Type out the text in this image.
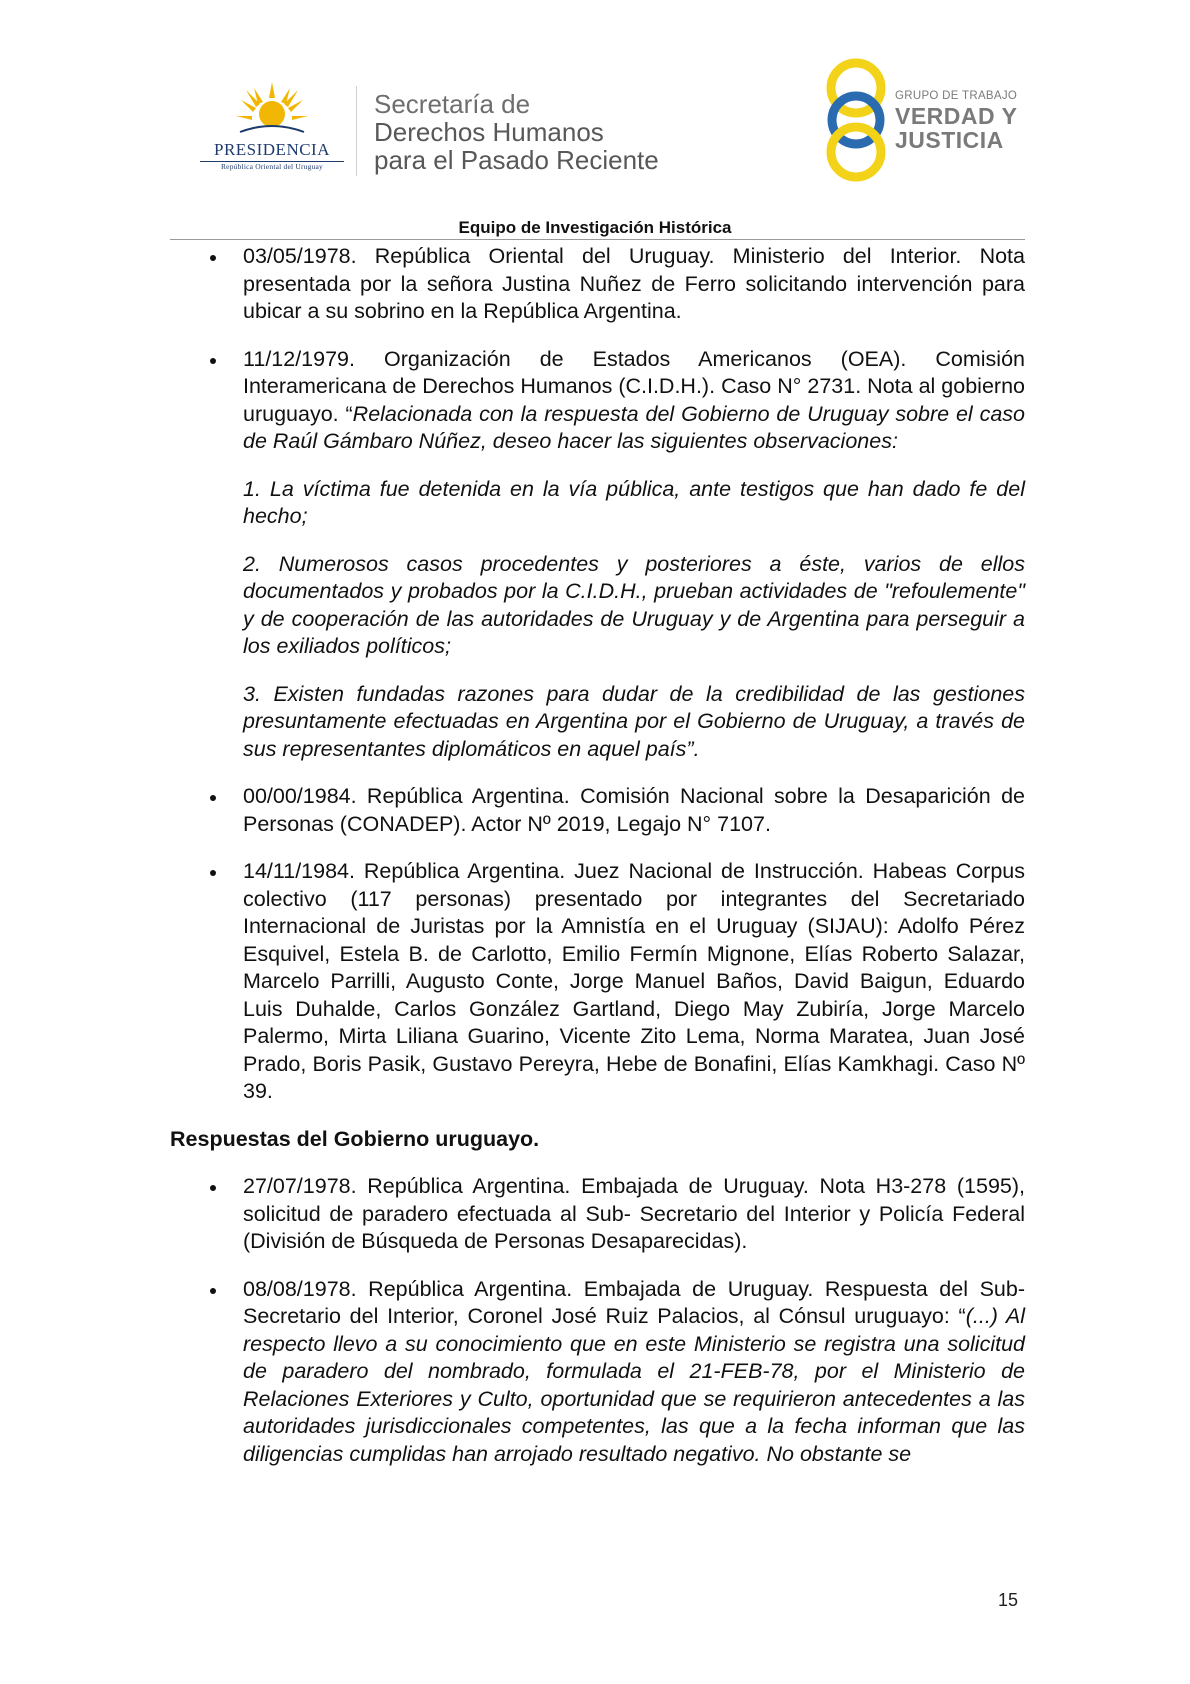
PRESIDENCIA
República Oriental del Uruguay
Secretaría de
Derechos Humanos
para el Pasado Reciente
GRUPO DE TRABAJO
VERDAD Y
JUSTICIA
Equipo de Investigación Histórica

03/05/1978. República Oriental del Uruguay. Ministerio del Interior. Nota presentada por la señora Justina Nuñez de Ferro solicitando intervención para ubicar a su sobrino en la República Argentina.

11/12/1979. Organización de Estados Americanos (OEA). Comisión Interamericana de Derechos Humanos (C.I.D.H.). Caso N° 2731. Nota al gobierno uruguayo. “Relacionada con la respuesta del Gobierno de Uruguay sobre el caso de Raúl Gámbaro Núñez, deseo hacer las siguientes observaciones:

1. La víctima fue detenida en la vía pública, ante testigos que han dado fe del hecho;

2. Numerosos casos procedentes y posteriores a éste, varios de ellos documentados y probados por la C.I.D.H., prueban actividades de "refoulemente" y de cooperación de las autoridades de Uruguay y de Argentina para perseguir a los exiliados políticos;

3. Existen fundadas razones para dudar de la credibilidad de las gestiones presuntamente efectuadas en Argentina por el Gobierno de Uruguay, a través de sus representantes diplomáticos en aquel país”.

00/00/1984. República Argentina. Comisión Nacional sobre la Desaparición de Personas (CONADEP). Actor Nº 2019, Legajo N° 7107.

14/11/1984. República Argentina. Juez Nacional de Instrucción. Habeas Corpus colectivo (117 personas) presentado por integrantes del Secretariado Internacional de Juristas por la Amnistía en el Uruguay (SIJAU): Adolfo Pérez Esquivel, Estela B. de Carlotto, Emilio Fermín Mignone, Elías Roberto Salazar, Marcelo Parrilli, Augusto Conte, Jorge Manuel Baños, David Baigun, Eduardo Luis Duhalde, Carlos González Gartland, Diego May Zubiría, Jorge Marcelo Palermo, Mirta Liliana Guarino, Vicente Zito Lema, Norma Maratea, Juan José Prado, Boris Pasik, Gustavo Pereyra, Hebe de Bonafini, Elías Kamkhagi. Caso Nº 39.

Respuestas del Gobierno uruguayo.

27/07/1978. República Argentina. Embajada de Uruguay. Nota H3-278 (1595), solicitud de paradero efectuada al Sub- Secretario del Interior y Policía Federal (División de Búsqueda de Personas Desaparecidas).

08/08/1978. República Argentina. Embajada de Uruguay. Respuesta del Sub- Secretario del Interior, Coronel José Ruiz Palacios, al Cónsul uruguayo: “(...) Al respecto llevo a su conocimiento que en este Ministerio se registra una solicitud de paradero del nombrado, formulada el 21-FEB-78, por el Ministerio de Relaciones Exteriores y Culto, oportunidad que se requirieron antecedentes a las autoridades jurisdiccionales competentes, las que a la fecha informan que las diligencias cumplidas han arrojado resultado negativo. No obstante se

15
